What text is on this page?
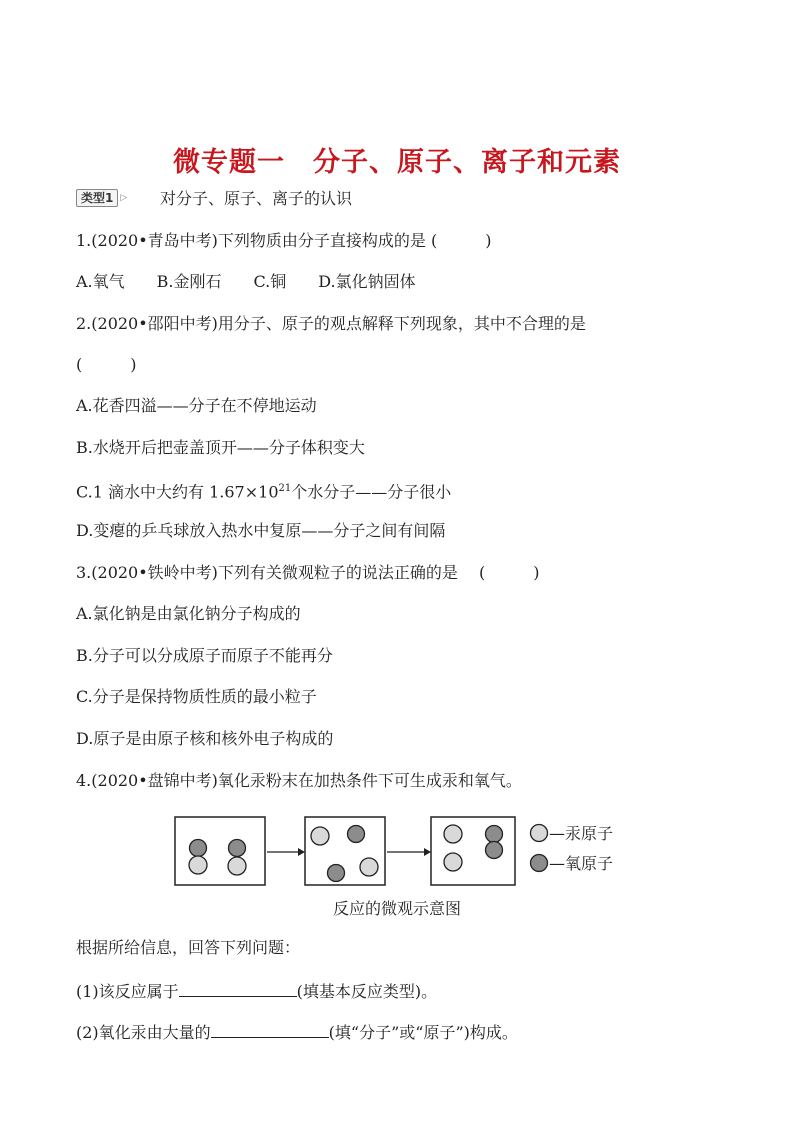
微专题一　分子、原子、离子和元素
类型1 ▷ 对分子、原子、离子的认识
1.(2020•青岛中考)下列物质由分子直接构成的是 (　　　)
A.氧气　　B.金刚石　　C.铜　　D.氯化钠固体
2.(2020•邵阳中考)用分子、原子的观点解释下列现象，其中不合理的是
(　　　)
A.花香四溢——分子在不停地运动
B.水烧开后把壶盖顶开——分子体积变大
C.1 滴水中大约有 $1.67\times 10^{21}$个水分子——分子很小
D.变瘪的乒乓球放入热水中复原——分子之间有间隔
3.(2020•铁岭中考)下列有关微观粒子的说法正确的是　 (　　　)
A.氯化钠是由氯化钠分子构成的
B.分子可以分成原子而原子不能再分
C.分子是保持物质性质的最小粒子
D.原子是由原子核和核外电子构成的
4.(2020•盘锦中考)氧化汞粉末在加热条件下可生成汞和氧气。
—汞原子
—氧原子
反应的微观示意图
根据所给信息，回答下列问题：
(1)该反应属于	(填基本反应类型)。
(2)氧化汞由大量的	(填“分子”或“原子”)构成。
